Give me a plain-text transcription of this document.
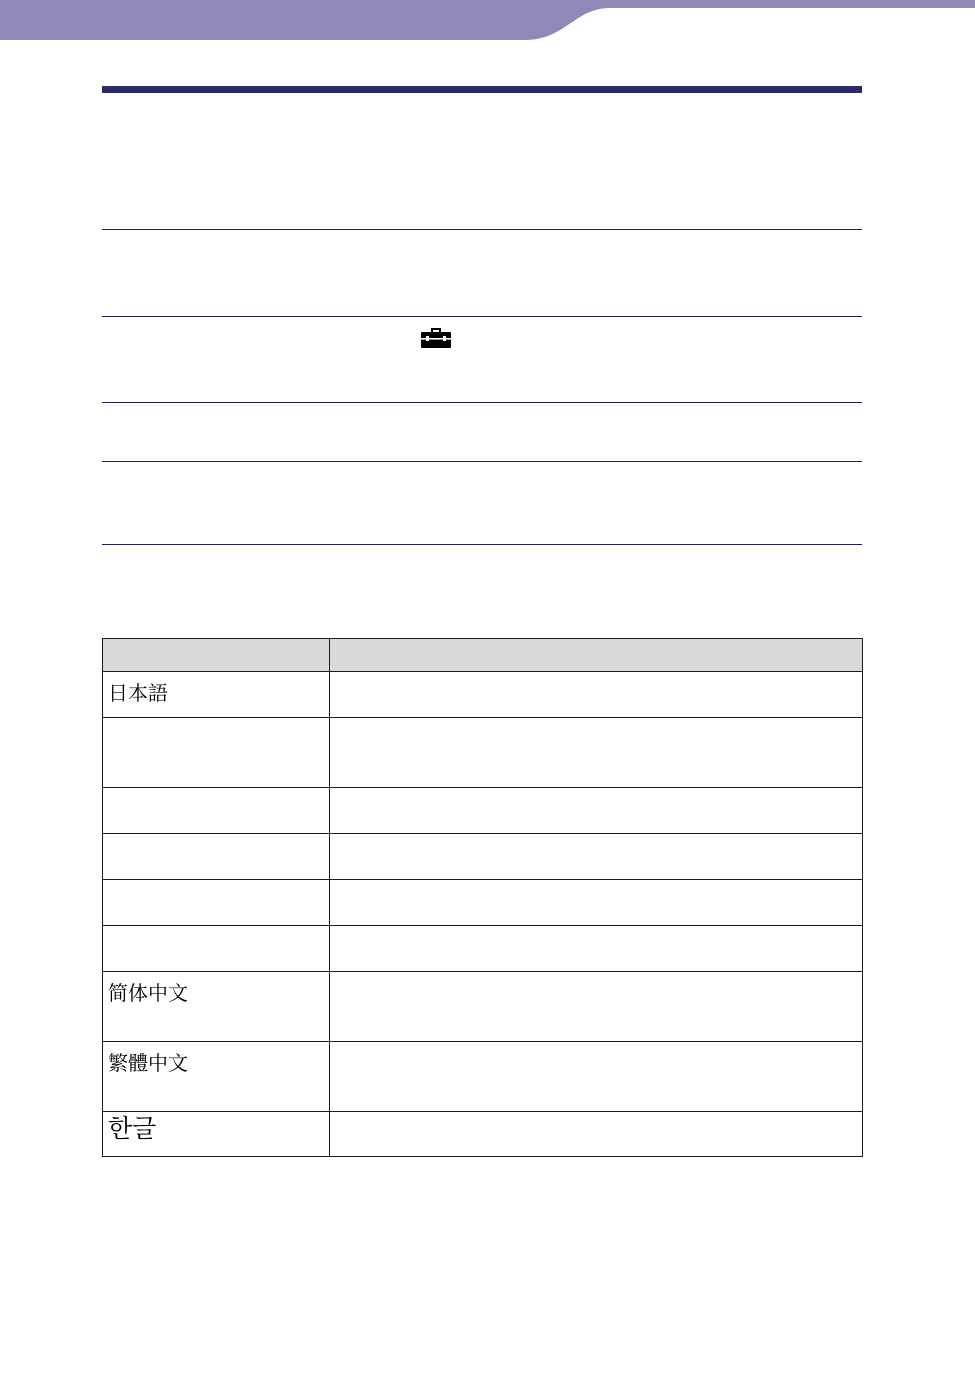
日本語	

简体中文	
繁體中文	
한글	
